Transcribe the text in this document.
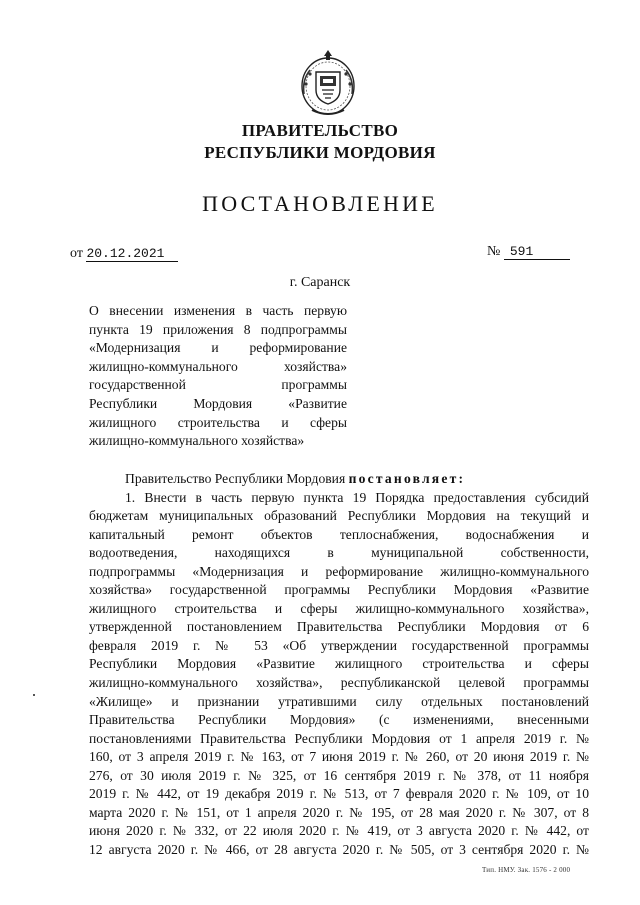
ПРАВИТЕЛЬСТВО
РЕСПУБЛИКИ МОРДОВИЯ
ПОСТАНОВЛЕНИЕ
от 20.12.2021	№ 591
г. Саранск
О внесении изменения в часть первую
пункта 19 приложения 8 подпрограммы
«Модернизация и реформирование
жилищно-коммунального хозяйства»
государственной программы
Республики Мордовия «Развитие
жилищного строительства и сферы
жилищно-коммунального хозяйства»
Правительство Республики Мордовия постановляет:
1. Внести в часть первую пункта 19 Порядка предоставления субсидий
бюджетам муниципальных образований Республики Мордовия на текущий и
капитальный ремонт объектов теплоснабжения, водоснабжения и
водоотведения, находящихся в муниципальной собственности,
подпрограммы «Модернизация и реформирование жилищно-коммунального
хозяйства» государственной программы Республики Мордовия «Развитие
жилищного строительства и сферы жилищно-коммунального хозяйства»,
утвержденной постановлением Правительства Республики Мордовия от 6
февраля 2019 г. № 53 «Об утверждении государственной программы
Республики Мордовия «Развитие жилищного строительства и сферы
жилищно-коммунального хозяйства», республиканской целевой программы
«Жилище» и признании утратившими силу отдельных постановлений
Правительства Республики Мордовия» (с изменениями, внесенными
постановлениями Правительства Республики Мордовия от 1 апреля 2019 г. №
160, от 3 апреля 2019 г. № 163, от 7 июня 2019 г. № 260, от 20 июня 2019 г. №
276, от 30 июля 2019 г. № 325, от 16 сентября 2019 г. № 378, от 11 ноября
2019 г. № 442, от 19 декабря 2019 г. № 513, от 7 февраля 2020 г. № 109, от 10
марта 2020 г. № 151, от 1 апреля 2020 г. № 195, от 28 мая 2020 г. № 307, от 8
июня 2020 г. № 332, от 22 июля 2020 г. № 419, от 3 августа 2020 г. № 442, от
12 августа 2020 г. № 466, от 28 августа 2020 г. № 505, от 3 сентября 2020 г. №
Тип. НМУ. Зак. 1576 - 2 000
